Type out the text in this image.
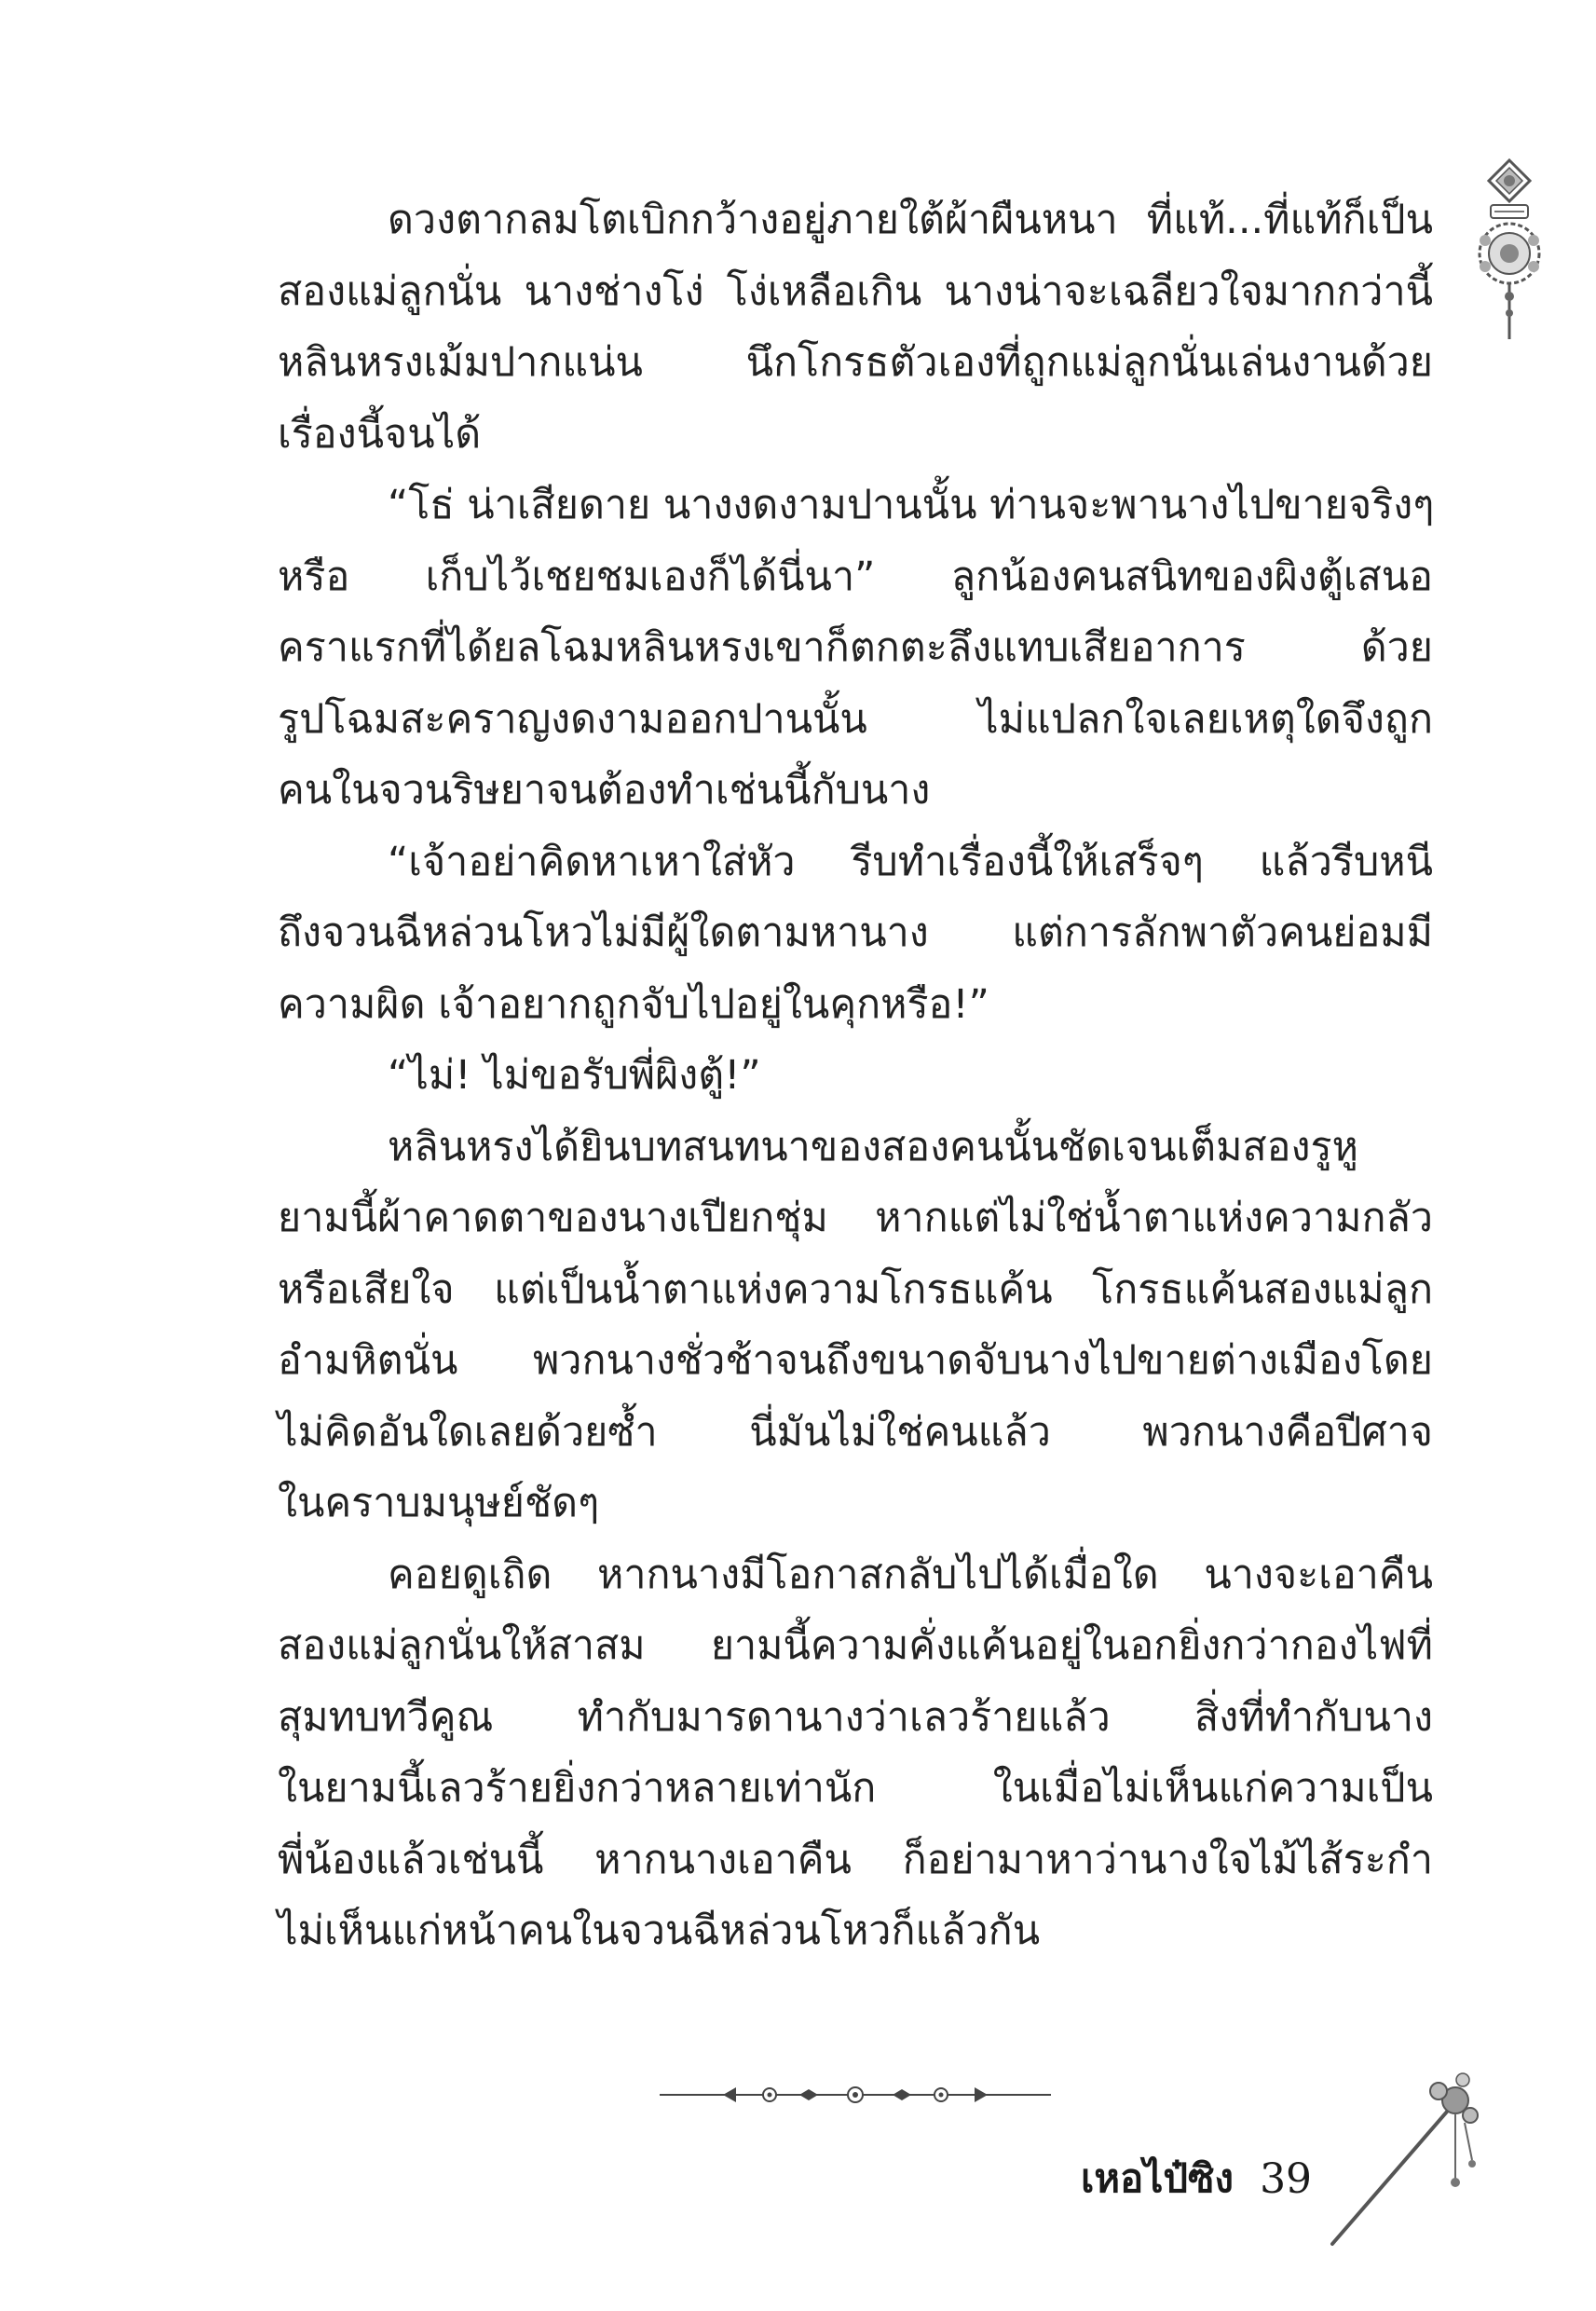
ดวงตากลมโตเบิกกว้างอยู่ภายใต้ผ้าผืนหนา ที่แท้...ที่แท้ก็เป็น
สองแม่ลูกนั่น นางช่างโง่ โง่เหลือเกิน นางน่าจะเฉลียวใจมากกว่านี้
หลินหรงเม้มปากแน่น นึกโกรธตัวเองที่ถูกแม่ลูกนั่นเล่นงานด้วย
เรื่องนี้จนได้
“โธ่ น่าเสียดาย นางงดงามปานนั้น ท่านจะพานางไปขายจริงๆ
หรือ เก็บไว้เชยชมเองก็ได้นี่นา” ลูกน้องคนสนิทของผิงตู้เสนอ
คราแรกที่ได้ยลโฉมหลินหรงเขาก็ตกตะลึงแทบเสียอาการ ด้วย
รูปโฉมสะคราญงดงามออกปานนั้น ไม่แปลกใจเลยเหตุใดจึงถูก
คนในจวนริษยาจนต้องทำเช่นนี้กับนาง
“เจ้าอย่าคิดหาเหาใส่หัว รีบทำเรื่องนี้ให้เสร็จๆ แล้วรีบหนี
ถึงจวนฉีหล่วนโหวไม่มีผู้ใดตามหานาง แต่การลักพาตัวคนย่อมมี
ความผิด เจ้าอยากถูกจับไปอยู่ในคุกหรือ!”
“ไม่! ไม่ขอรับพี่ผิงตู้!”
หลินหรงได้ยินบทสนทนาของสองคนนั้นชัดเจนเต็มสองรูหู
ยามนี้ผ้าคาดตาของนางเปียกชุ่ม หากแต่ไม่ใช่น้ำตาแห่งความกลัว
หรือเสียใจ แต่เป็นน้ำตาแห่งความโกรธแค้น โกรธแค้นสองแม่ลูก
อำมหิตนั่น พวกนางชั่วช้าจนถึงขนาดจับนางไปขายต่างเมืองโดย
ไม่คิดอันใดเลยด้วยซ้ำ นี่มันไม่ใช่คนแล้ว พวกนางคือปีศาจ
ในคราบมนุษย์ชัดๆ
คอยดูเถิด หากนางมีโอกาสกลับไปได้เมื่อใด นางจะเอาคืน
สองแม่ลูกนั่นให้สาสม ยามนี้ความคั่งแค้นอยู่ในอกยิ่งกว่ากองไฟที่
สุมทบทวีคูณ ทำกับมารดานางว่าเลวร้ายแล้ว สิ่งที่ทำกับนาง
ในยามนี้เลวร้ายยิ่งกว่าหลายเท่านัก ในเมื่อไม่เห็นแก่ความเป็น
พี่น้องแล้วเช่นนี้ หากนางเอาคืน ก็อย่ามาหาว่านางใจไม้ไส้ระกำ
ไม่เห็นแก่หน้าคนในจวนฉีหล่วนโหวก็แล้วกัน
เหอไป๋ซิง 39
